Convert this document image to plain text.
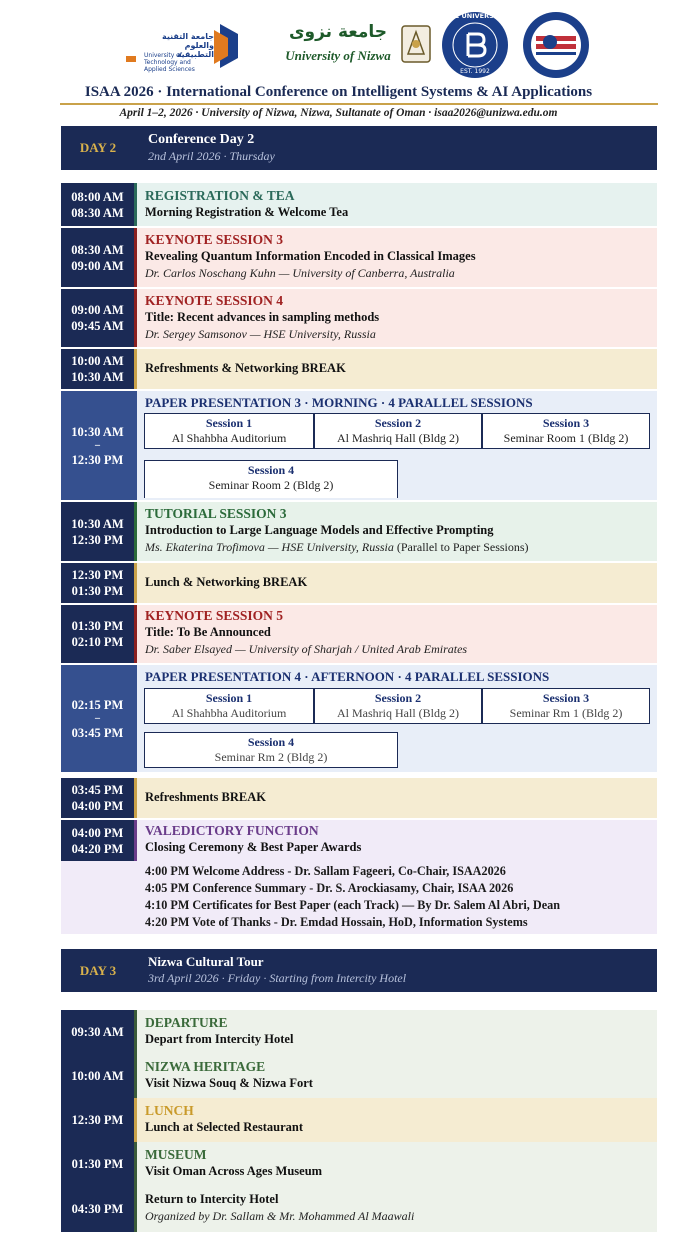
جامعة التقنية والعلوم التطبيقية
University of Technology and Applied Sciences
جامعة نزوى
University of Nizwa
HSE UNIVERSITY
EST. 1992
ISAA 2026 · International Conference on Intelligent Systems & AI Applications
April 1–2, 2026 · University of Nizwa, Nizwa, Sultanate of Oman · isaa2026@unizwa.edu.om
DAY 2
Conference Day 2
2nd April 2026 · Thursday
08:00 AM
08:30 AM
REGISTRATION & TEA
Morning Registration & Welcome Tea
08:30 AM
09:00 AM
KEYNOTE SESSION 3
Revealing Quantum Information Encoded in Classical Images
Dr. Carlos Noschang Kuhn — University of Canberra, Australia
09:00 AM
09:45 AM
KEYNOTE SESSION 4
Title: Recent advances in sampling methods
Dr. Sergey Samsonov — HSE University, Russia
10:00 AM
10:30 AM
Refreshments & Networking BREAK
10:30 AM
–
12:30 PM
PAPER PRESENTATION 3 · MORNING · 4 PARALLEL SESSIONS
Session 1
Al Shahbha Auditorium
Session 2
Al Mashriq Hall (Bldg 2)
Session 3
Seminar Room 1 (Bldg 2)
Session 4
Seminar Room 2 (Bldg 2)
10:30 AM
12:30 PM
TUTORIAL SESSION 3
Introduction to Large Language Models and Effective Prompting
Ms. Ekaterina Trofimova — HSE University, Russia (Parallel to Paper Sessions)
12:30 PM
01:30 PM
Lunch & Networking BREAK
01:30 PM
02:10 PM
KEYNOTE SESSION 5
Title: To Be Announced
Dr. Saber Elsayed — University of Sharjah / United Arab Emirates
02:15 PM
–
03:45 PM
PAPER PRESENTATION 4 · AFTERNOON · 4 PARALLEL SESSIONS
Session 1
Al Shahbha Auditorium
Session 2
Al Mashriq Hall (Bldg 2)
Session 3
Seminar Rm 1 (Bldg 2)
Session 4
Seminar Rm 2 (Bldg 2)
03:45 PM
04:00 PM
Refreshments BREAK
04:00 PM
04:20 PM
VALEDICTORY FUNCTION
Closing Ceremony & Best Paper Awards
4:00 PM Welcome Address - Dr. Sallam Fageeri, Co-Chair, ISAA2026
4:05 PM Conference Summary - Dr. S. Arockiasamy, Chair, ISAA 2026
4:10 PM Certificates for Best Paper (each Track) — By Dr. Salem Al Abri, Dean
4:20 PM Vote of Thanks - Dr. Emdad Hossain, HoD, Information Systems
DAY 3
Nizwa Cultural Tour
3rd April 2026 · Friday · Starting from Intercity Hotel
09:30 AM
DEPARTURE
Depart from Intercity Hotel
10:00 AM
NIZWA HERITAGE
Visit Nizwa Souq & Nizwa Fort
12:30 PM
LUNCH
Lunch at Selected Restaurant
01:30 PM
MUSEUM
Visit Oman Across Ages Museum
04:30 PM
Return to Intercity Hotel
Organized by Dr. Sallam & Mr. Mohammed Al Maawali
